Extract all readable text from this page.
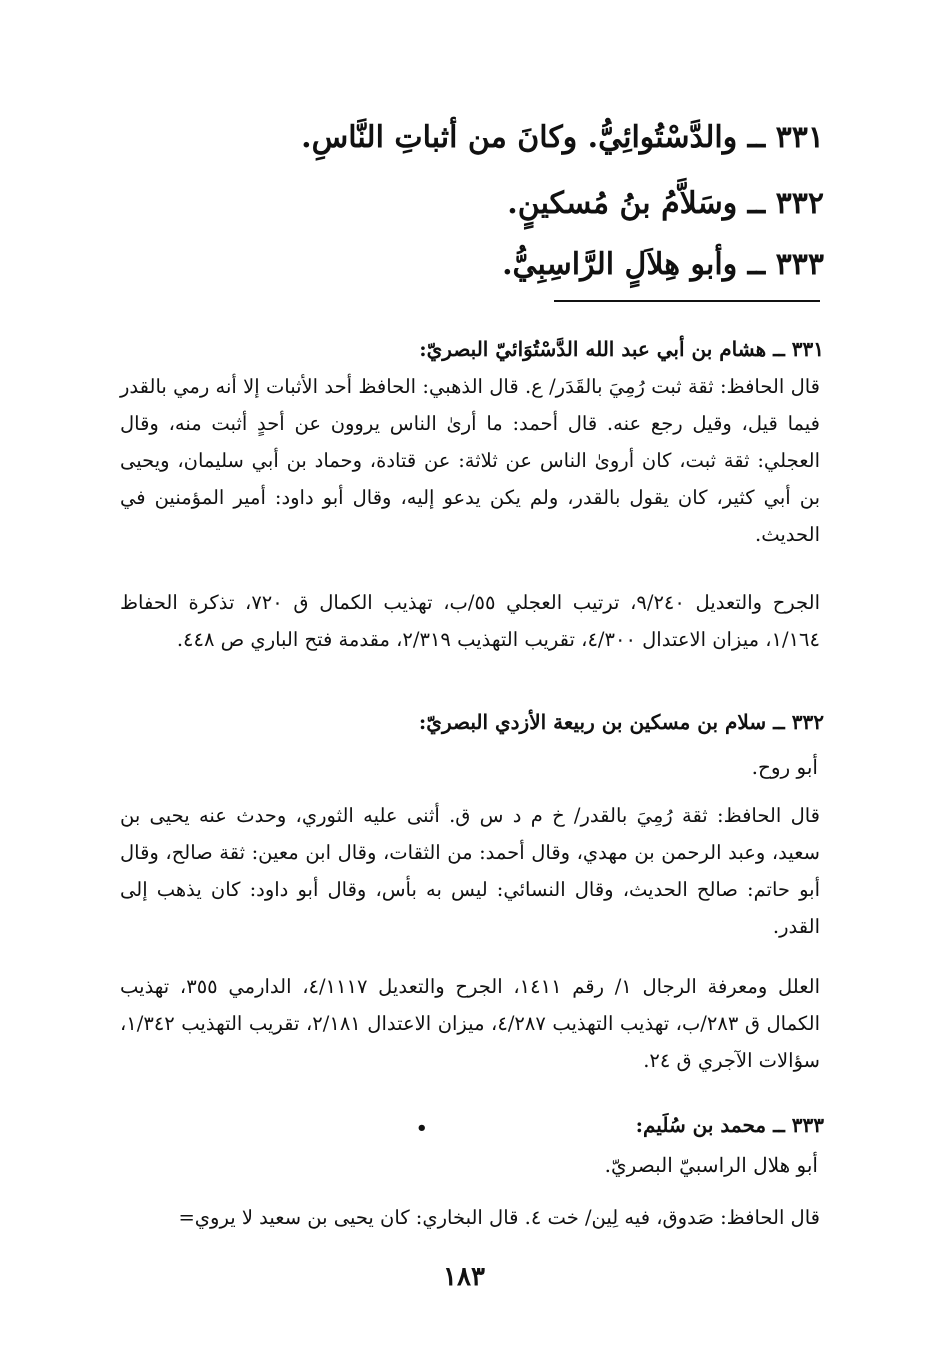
٣٣١ ــ والدَّسْتُوائِيُّ. وكانَ من أثباتِ النَّاسِ.
٣٣٢ ــ وسَلاَّمُ بنُ مُسكينٍ.
٣٣٣ ــ وأبو هِلاَلٍ الرَّاسِبِيُّ.
٣٣١ ــ هشام بن أبي عبد الله الدَّسْتُوَائيّ البصريّ:
قال الحافظ: ثقة ثبت رُمِيَ بالقَدَر/ ع. قال الذهبي: الحافظ أحد الأثبات إلا أنه رمي بالقدر فيما قيل، وقيل رجع عنه. قال أحمد: ما أرىٰ الناس يروون عن أحدٍ أثبت منه، وقال العجلي: ثقة ثبت، كان أروىٰ الناس عن ثلاثة: عن قتادة، وحماد بن أبي سليمان، ويحيى بن أبي كثير، كان يقول بالقدر، ولم يكن يدعو إليه، وقال أبو داود: أمير المؤمنين في الحديث.
الجرح والتعديل ٩/٢٤٠، ترتيب العجلي ٥٥/ب، تهذيب الكمال ق ٧٢٠، تذكرة الحفاظ ١/١٦٤، ميزان الاعتدال ٤/٣٠٠، تقريب التهذيب ٢/٣١٩، مقدمة فتح الباري ص ٤٤٨.
٣٣٢ ــ سلام بن مسكين بن ربيعة الأزدي البصريّ:
أبو روح.
قال الحافظ: ثقة رُمِيَ بالقدر/ خ م د س ق. أثنى عليه الثوري، وحدث عنه يحيى بن سعيد، وعبد الرحمن بن مهدي، وقال أحمد: من الثقات، وقال ابن معين: ثقة صالح، وقال أبو حاتم: صالح الحديث، وقال النسائي: ليس به بأس، وقال أبو داود: كان يذهب إلى القدر.
العلل ومعرفة الرجال ١/ رقم ١٤١١، الجرح والتعديل ٤/١١١٧، الدارمي ٣٥٥، تهذيب الكمال ق ٢٨٣/ب، تهذيب التهذيب ٤/٢٨٧، ميزان الاعتدال ٢/١٨١، تقريب التهذيب ١/٣٤٢، سؤالات الآجري ق ٢٤.
٣٣٣ ــ محمد بن سُلَيم:
•
أبو هلال الراسبيّ البصريّ.
قال الحافظ: صَدوق، فيه لِين/ خت ٤. قال البخاري: كان يحيى بن سعيد لا يروي=
١٨٣
